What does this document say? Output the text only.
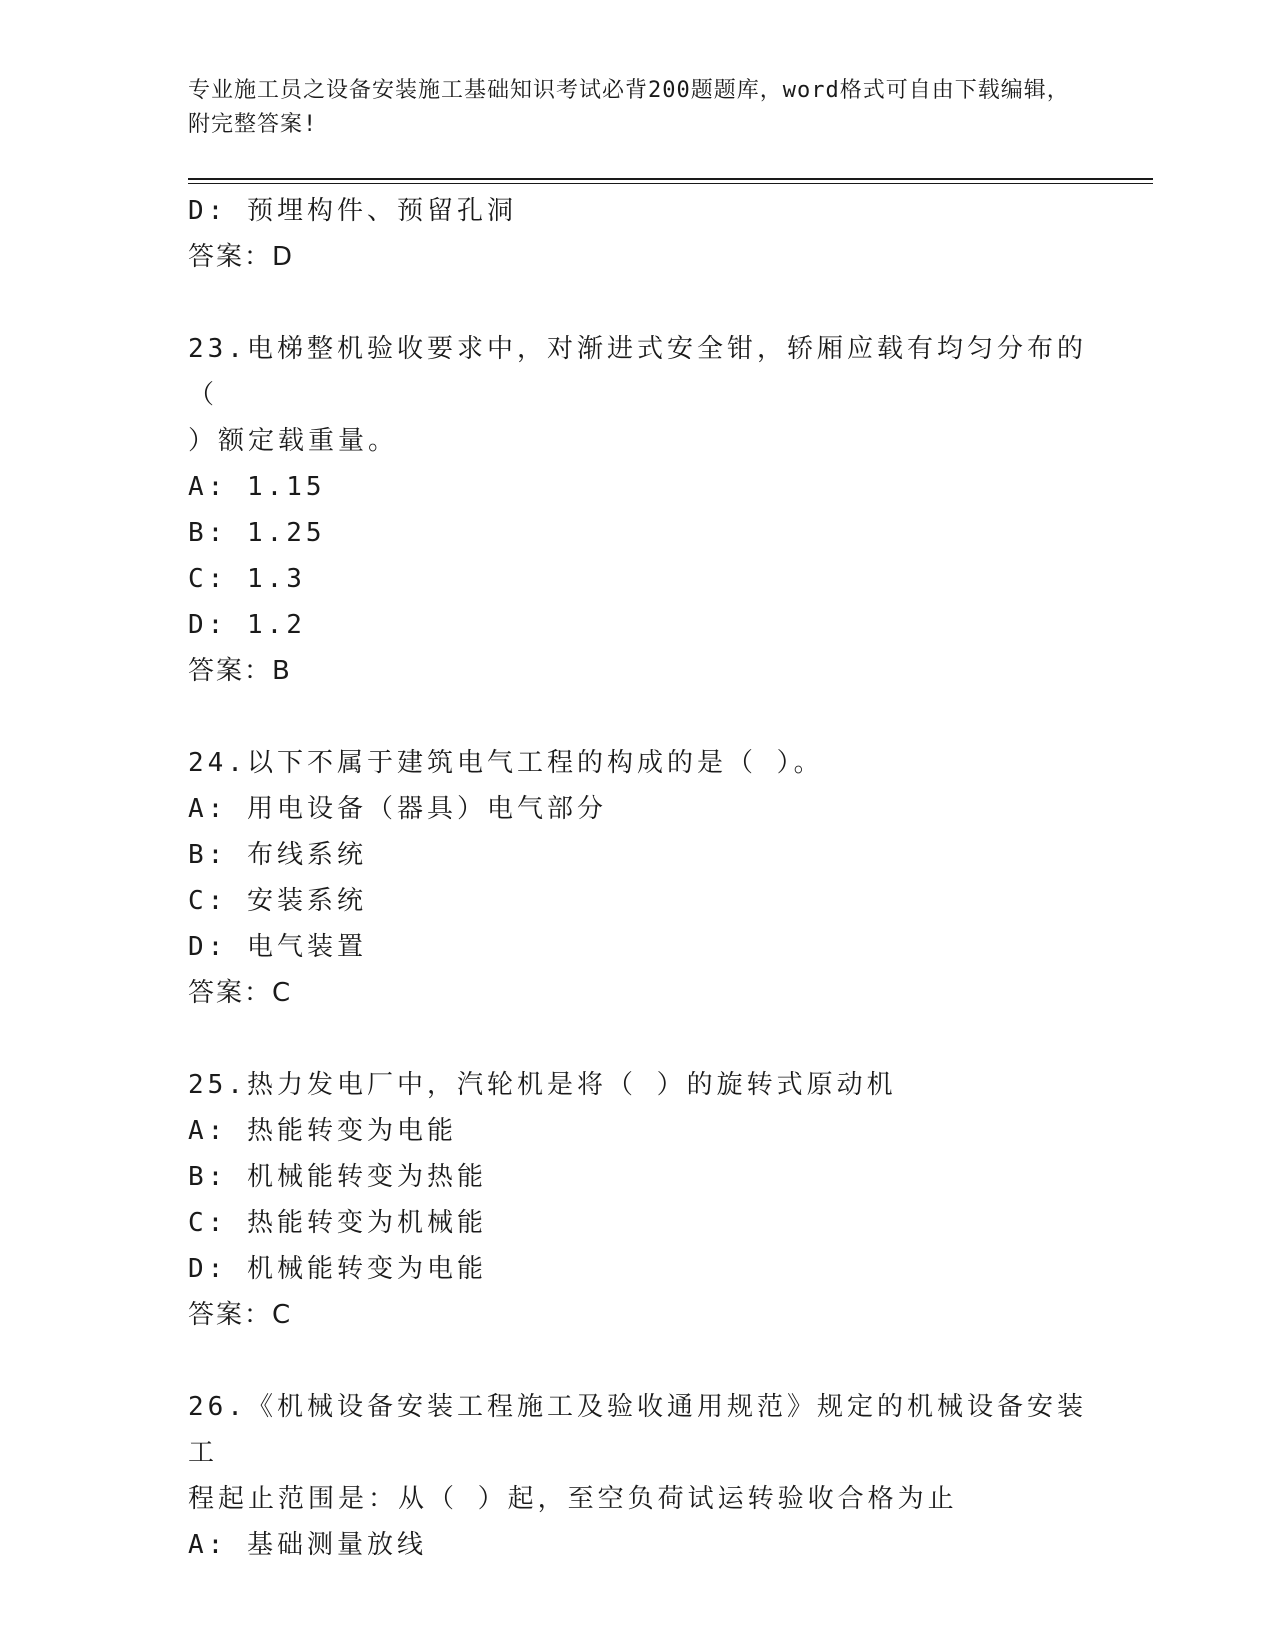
专业施工员之设备安装施工基础知识考试必背200题题库，word格式可自由下载编辑，附完整答案!
D: 预埋构件、预留孔洞
答案：D
23.电梯整机验收要求中，对渐进式安全钳，轿厢应载有均匀分布的（
）额定载重量。
A: 1.15
B: 1.25
C: 1.3
D: 1.2
答案：B
24.以下不属于建筑电气工程的构成的是（ ）。
A: 用电设备（器具）电气部分
B: 布线系统
C: 安装系统
D: 电气装置
答案：C
25.热力发电厂中，汽轮机是将（ ）的旋转式原动机
A: 热能转变为电能
B: 机械能转变为热能
C: 热能转变为机械能
D: 机械能转变为电能
答案：C
26.《机械设备安装工程施工及验收通用规范》规定的机械设备安装工
程起止范围是：从（ ）起，至空负荷试运转验收合格为止
A: 基础测量放线
